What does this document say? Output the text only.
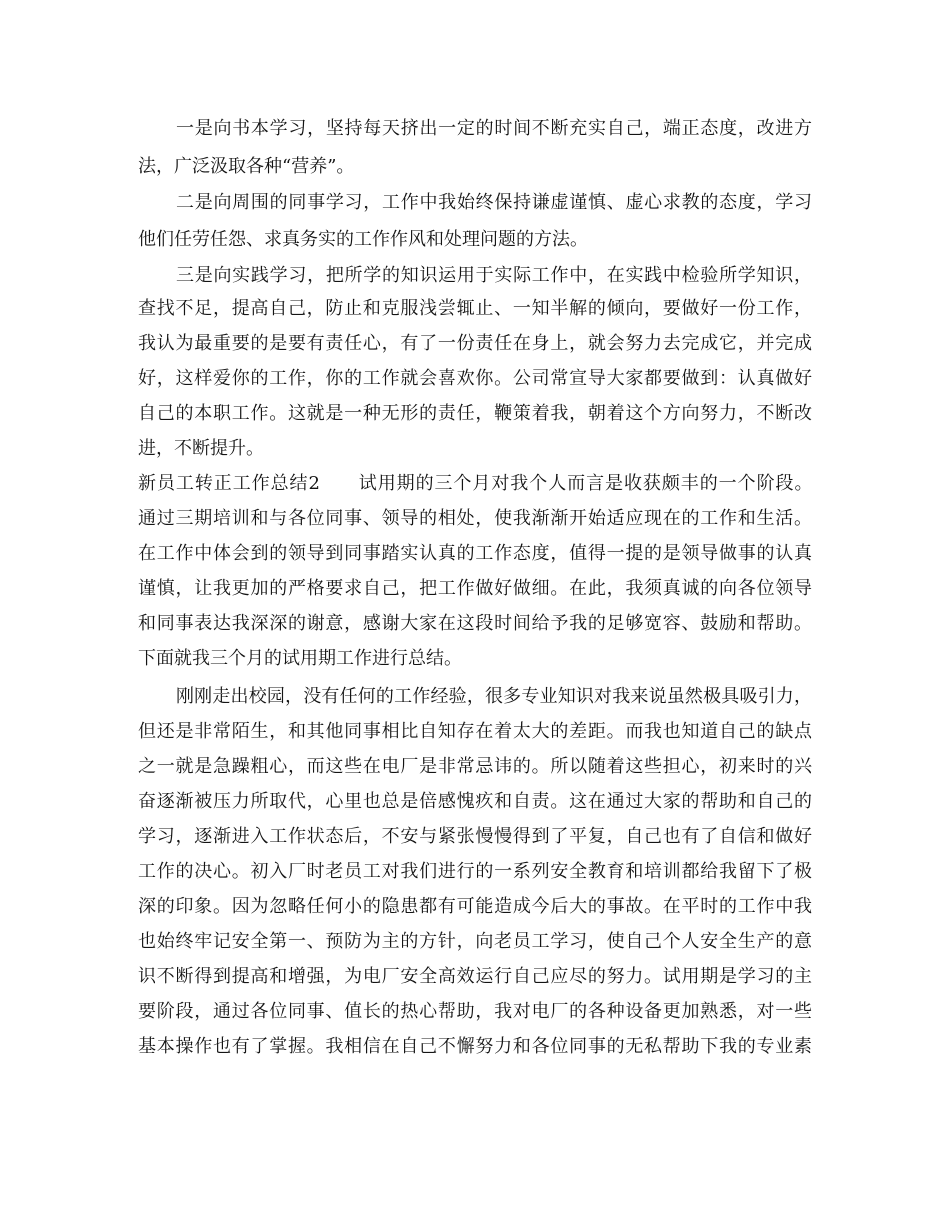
一是向书本学习，坚持每天挤出一定的时间不断充实自己，端正态度，改进方
法，广泛汲取各种“营养”。
二是向周围的同事学习，工作中我始终保持谦虚谨慎、虚心求教的态度，学习
他们任劳任怨、求真务实的工作作风和处理问题的方法。
三是向实践学习，把所学的知识运用于实际工作中，在实践中检验所学知识，
查找不足，提高自己，防止和克服浅尝辄止、一知半解的倾向，要做好一份工作，
我认为最重要的是要有责任心，有了一份责任在身上，就会努力去完成它，并完成
好，这样爱你的工作，你的工作就会喜欢你。公司常宣导大家都要做到：认真做好
自己的本职工作。这就是一种无形的责任，鞭策着我，朝着这个方向努力，不断改
进，不断提升。
新员工转正工作总结2　　试用期的三个月对我个人而言是收获颇丰的一个阶段。
通过三期培训和与各位同事、领导的相处，使我渐渐开始适应现在的工作和生活。
在工作中体会到的领导到同事踏实认真的工作态度，值得一提的是领导做事的认真
谨慎，让我更加的严格要求自己，把工作做好做细。在此，我须真诚的向各位领导
和同事表达我深深的谢意，感谢大家在这段时间给予我的足够宽容、鼓励和帮助。
下面就我三个月的试用期工作进行总结。
刚刚走出校园，没有任何的工作经验，很多专业知识对我来说虽然极具吸引力，
但还是非常陌生，和其他同事相比自知存在着太大的差距。而我也知道自己的缺点
之一就是急躁粗心，而这些在电厂是非常忌讳的。所以随着这些担心，初来时的兴
奋逐渐被压力所取代，心里也总是倍感愧疚和自责。这在通过大家的帮助和自己的
学习，逐渐进入工作状态后，不安与紧张慢慢得到了平复，自己也有了自信和做好
工作的决心。初入厂时老员工对我们进行的一系列安全教育和培训都给我留下了极
深的印象。因为忽略任何小的隐患都有可能造成今后大的事故。在平时的工作中我
也始终牢记安全第一、预防为主的方针，向老员工学习，使自己个人安全生产的意
识不断得到提高和增强，为电厂安全高效运行自己应尽的努力。试用期是学习的主
要阶段，通过各位同事、值长的热心帮助，我对电厂的各种设备更加熟悉，对一些
基本操作也有了掌握。我相信在自己不懈努力和各位同事的无私帮助下我的专业素
